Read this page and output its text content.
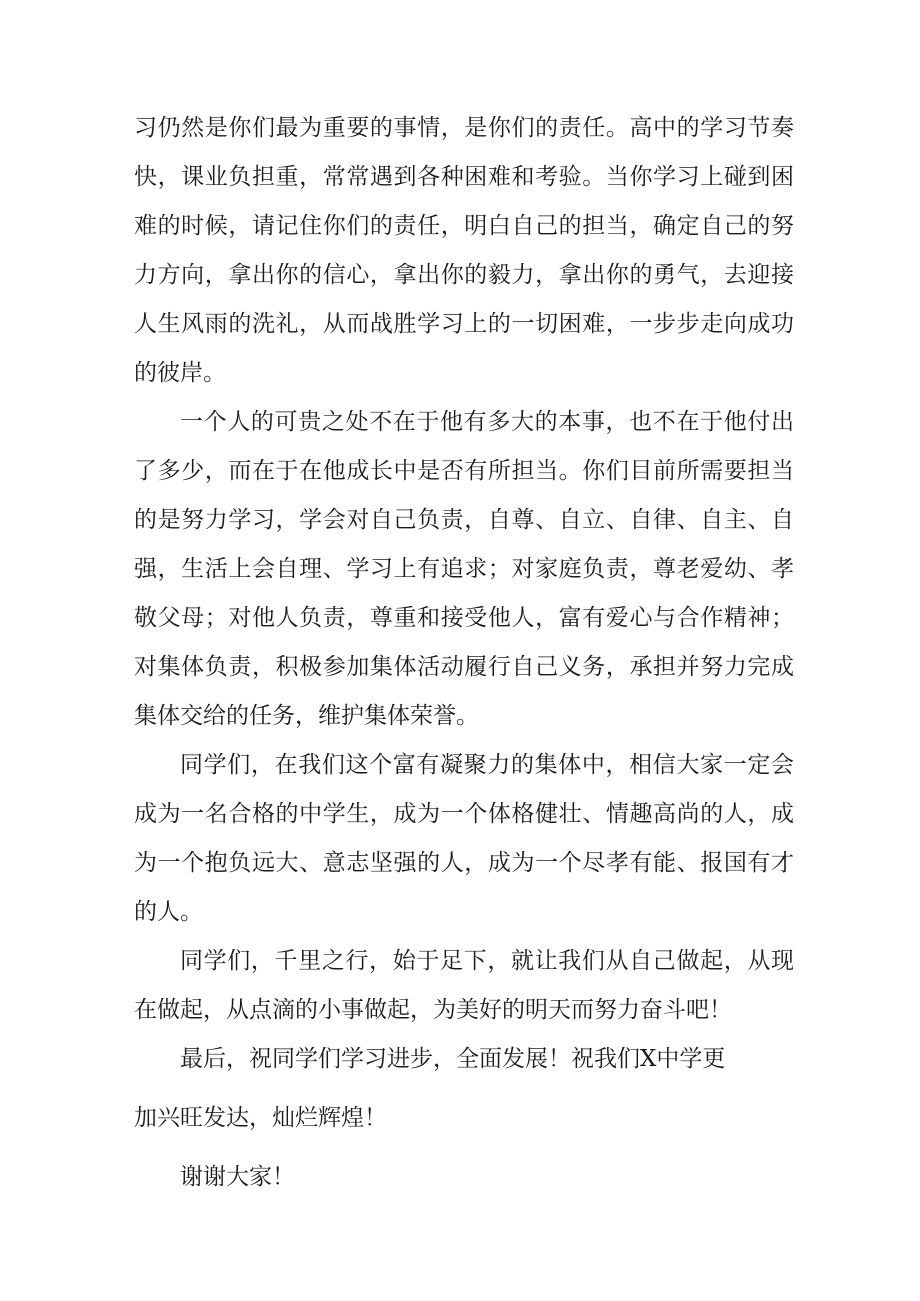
习仍然是你们最为重要的事情，是你们的责任。高中的学习节奏

快，课业负担重，常常遇到各种困难和考验。当你学习上碰到困

难的时候，请记住你们的责任，明白自己的担当，确定自己的努

力方向，拿出你的信心，拿出你的毅力，拿出你的勇气，去迎接

人生风雨的洗礼，从而战胜学习上的一切困难，一步步走向成功

的彼岸。

一个人的可贵之处不在于他有多大的本事，也不在于他付出

了多少，而在于在他成长中是否有所担当。你们目前所需要担当

的是努力学习，学会对自己负责，自尊、自立、自律、自主、自

强，生活上会自理、学习上有追求；对家庭负责，尊老爱幼、孝

敬父母；对他人负责，尊重和接受他人，富有爱心与合作精神；

对集体负责，积极参加集体活动履行自己义务，承担并努力完成

集体交给的任务，维护集体荣誉。

同学们，在我们这个富有凝聚力的集体中，相信大家一定会

成为一名合格的中学生，成为一个体格健壮、情趣高尚的人，成

为一个抱负远大、意志坚强的人，成为一个尽孝有能、报国有才

的人。

同学们，千里之行，始于足下，就让我们从自己做起，从现

在做起，从点滴的小事做起，为美好的明天而努力奋斗吧！

最后，祝同学们学习进步，全面发展！祝我们X中学更

加兴旺发达，灿烂辉煌！

谢谢大家！
